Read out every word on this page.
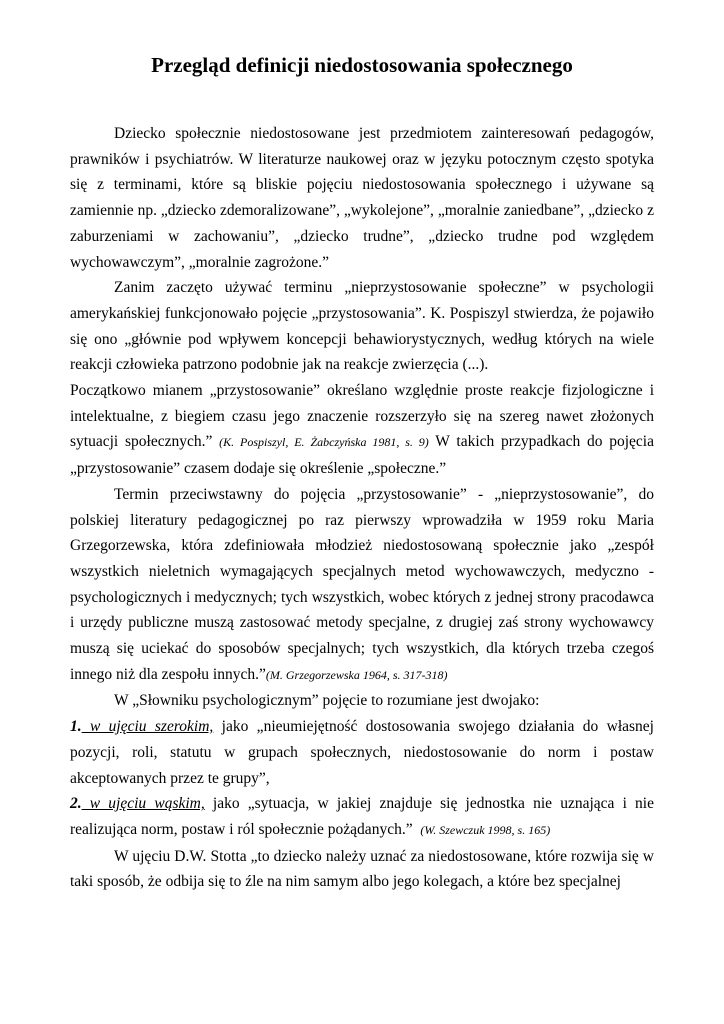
Przegląd definicji niedostosowania społecznego

Dziecko społecznie niedostosowane jest przedmiotem zainteresowań pedagogów, prawników i psychiatrów. W literaturze naukowej oraz w języku potocznym często spotyka się z terminami, które są bliskie pojęciu niedostosowania społecznego i używane są zamiennie np. „dziecko zdemoralizowane”, „wykolejone”, „moralnie zaniedbane”, „dziecko z zaburzeniami w zachowaniu”, „dziecko trudne”, „dziecko trudne pod względem wychowawczym”, „moralnie zagrożone.”

Zanim zaczęto używać terminu „nieprzystosowanie społeczne” w psychologii amerykańskiej funkcjonowało pojęcie „przystosowania”. K. Pospiszyl stwierdza, że pojawiło się ono „głównie pod wpływem koncepcji behawiorystycznych, według których na wiele reakcji człowieka patrzono podobnie jak na reakcje zwierzęcia (...).

Początkowo mianem „przystosowanie” określano względnie proste reakcje fizjologiczne i intelektualne, z biegiem czasu jego znaczenie rozszerzyło się na szereg nawet złożonych sytuacji społecznych.” (K. Pospiszyl, E. Żabczyńska 1981, s. 9) W takich przypadkach do pojęcia „przystosowanie” czasem dodaje się określenie „społeczne.”

Termin przeciwstawny do pojęcia „przystosowanie” - „nieprzystosowanie”, do polskiej literatury pedagogicznej po raz pierwszy wprowadziła w 1959 roku Maria Grzegorzewska, która zdefiniowała młodzież niedostosowaną społecznie jako „zespół wszystkich nieletnich wymagających specjalnych metod wychowawczych, medyczno - psychologicznych i medycznych; tych wszystkich, wobec których z jednej strony pracodawca i urzędy publiczne muszą zastosować metody specjalne, z drugiej zaś strony wychowawcy muszą się uciekać do sposobów specjalnych; tych wszystkich, dla których trzeba czegoś innego niż dla zespołu innych.”(M. Grzegorzewska 1964, s. 317-318)

W „Słowniku psychologicznym” pojęcie to rozumiane jest dwojako:

1. w ujęciu szerokim, jako „nieumiejętność dostosowania swojego działania do własnej pozycji, roli, statutu w grupach społecznych, niedostosowanie do norm i postaw akceptowanych przez te grupy”,

2. w ujęciu wąskim, jako „sytuacja, w jakiej znajduje się jednostka nie uznająca i nie realizująca norm, postaw i ról społecznie pożądanych.” (W. Szewczuk 1998, s. 165)

W ujęciu D.W. Stotta „to dziecko należy uznać za niedostosowane, które rozwija się w taki sposób, że odbija się to źle na nim samym albo jego kolegach, a które bez specjalnej
